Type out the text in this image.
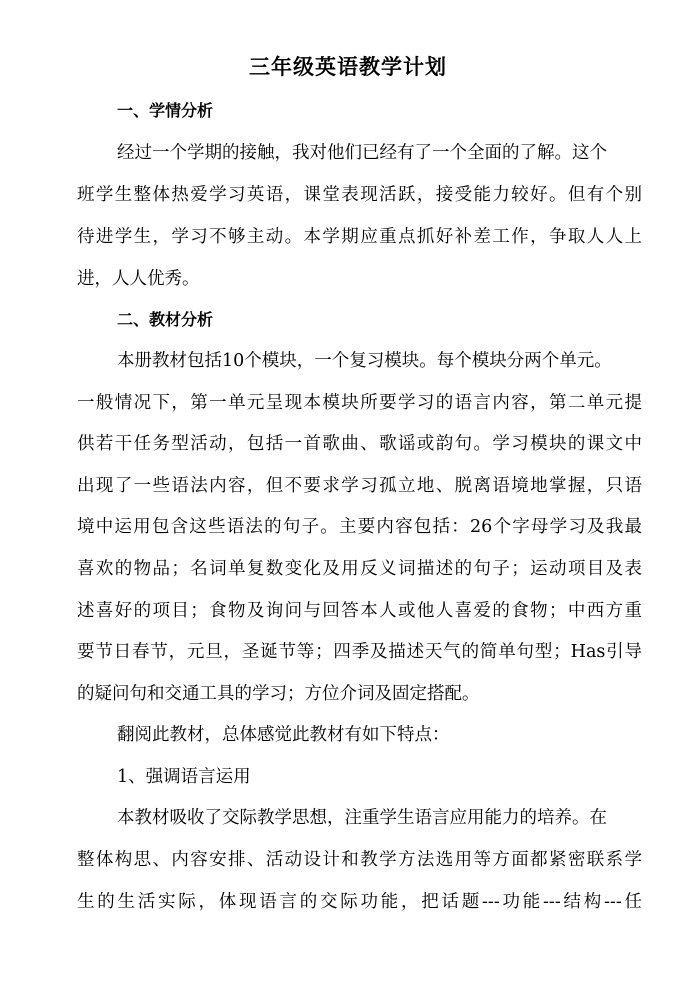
三年级英语教学计划
一、学情分析
经过一个学期的接触，我对他们已经有了一个全面的了解。这个
班学生整体热爱学习英语，课堂表现活跃，接受能力较好。但有个别
待进学生，学习不够主动。本学期应重点抓好补差工作，争取人人上
进，人人优秀。
二、教材分析
本册教材包括10个模块，一个复习模块。每个模块分两个单元。
一般情况下，第一单元呈现本模块所要学习的语言内容，第二单元提
供若干任务型活动，包括一首歌曲、歌谣或韵句。学习模块的课文中
出现了一些语法内容，但不要求学习孤立地、脱离语境地掌握，只语
境中运用包含这些语法的句子。主要内容包括：26个字母学习及我最
喜欢的物品；名词单复数变化及用反义词描述的句子；运动项目及表
述喜好的项目；食物及询问与回答本人或他人喜爱的食物；中西方重
要节日春节，元旦，圣诞节等；四季及描述天气的简单句型；Has引导
的疑问句和交通工具的学习；方位介词及固定搭配。
翻阅此教材，总体感觉此教材有如下特点：
1、强调语言运用
本教材吸收了交际教学思想，注重学生语言应用能力的培养。在
整体构思、内容安排、活动设计和教学方法选用等方面都紧密联系学
生的生活实际，体现语言的交际功能，把话题---功能---结构---任
